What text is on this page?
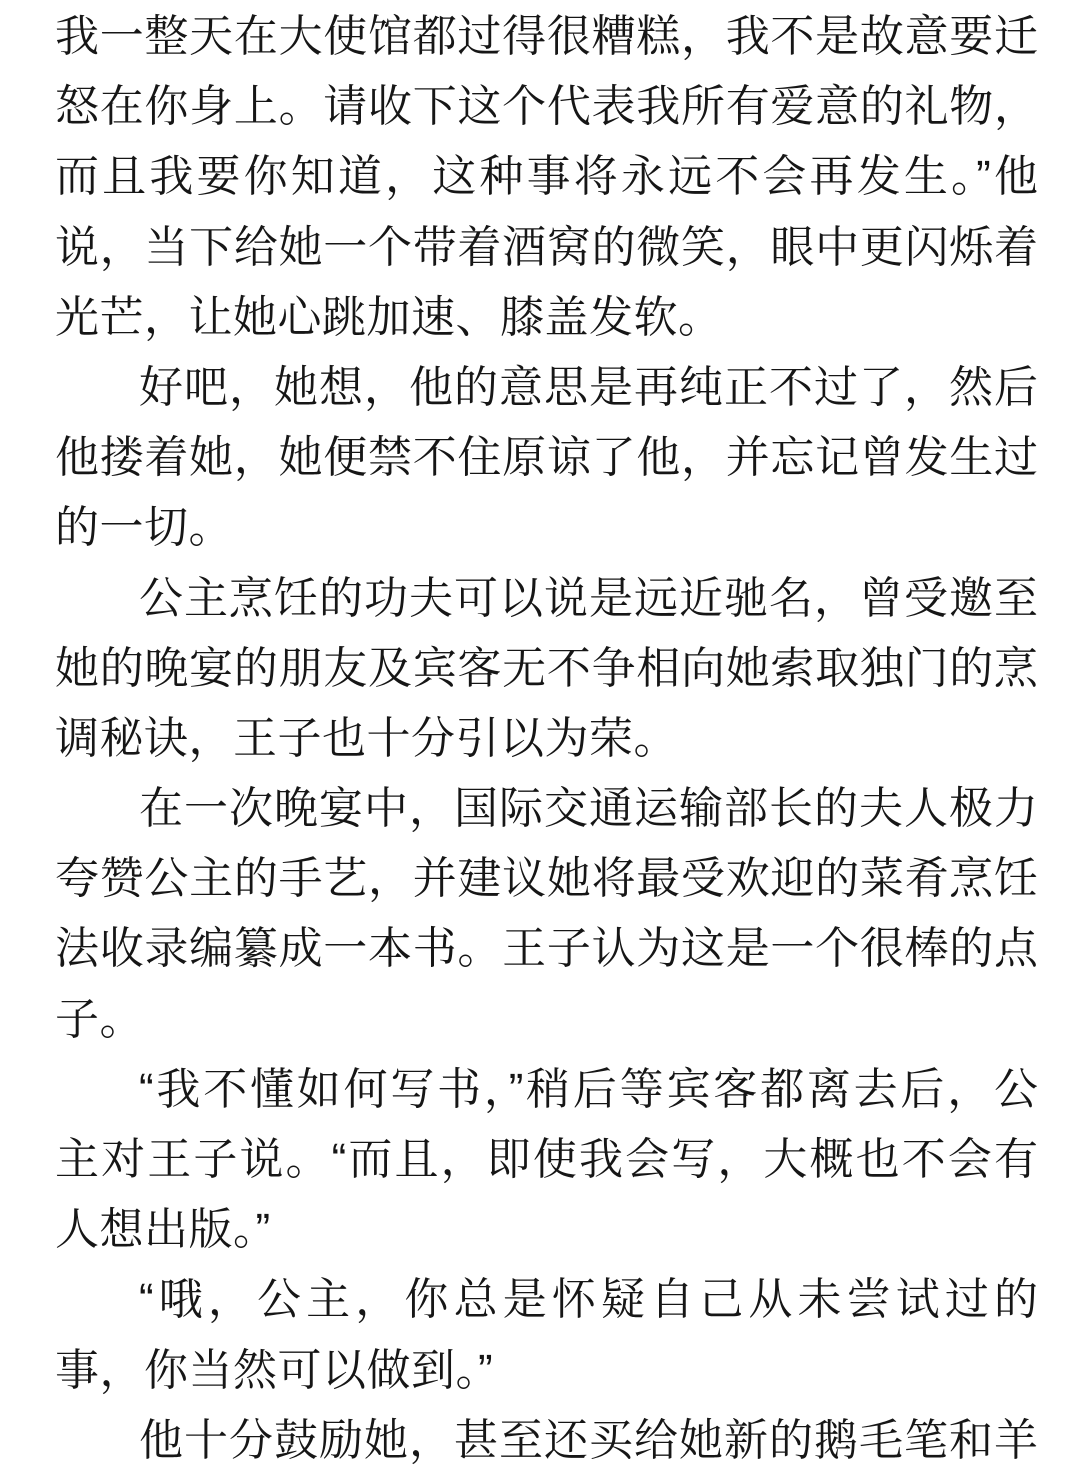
我一整天在大使馆都过得很糟糕，我不是故意要迁
怒在你身上。请收下这个代表我所有爱意的礼物，
而且我要你知道，这种事将永远不会再发生。”他
说，当下给她一个带着酒窝的微笑，眼中更闪烁着
光芒，让她心跳加速、膝盖发软。
好吧，她想，他的意思是再纯正不过了，然后
他搂着她，她便禁不住原谅了他，并忘记曾发生过
的一切。
公主烹饪的功夫可以说是远近驰名，曾受邀至
她的晚宴的朋友及宾客无不争相向她索取独门的烹
调秘诀，王子也十分引以为荣。
在一次晚宴中，国际交通运输部长的夫人极力
夸赞公主的手艺，并建议她将最受欢迎的菜肴烹饪
法收录编纂成一本书。王子认为这是一个很棒的点
子。
“我不懂如何写书，”稍后等宾客都离去后，公
主对王子说。“而且，即使我会写，大概也不会有
人想出版。”
“哦，公主，你总是怀疑自己从未尝试过的
事，你当然可以做到。”
他十分鼓励她，甚至还买给她新的鹅毛笔和羊
